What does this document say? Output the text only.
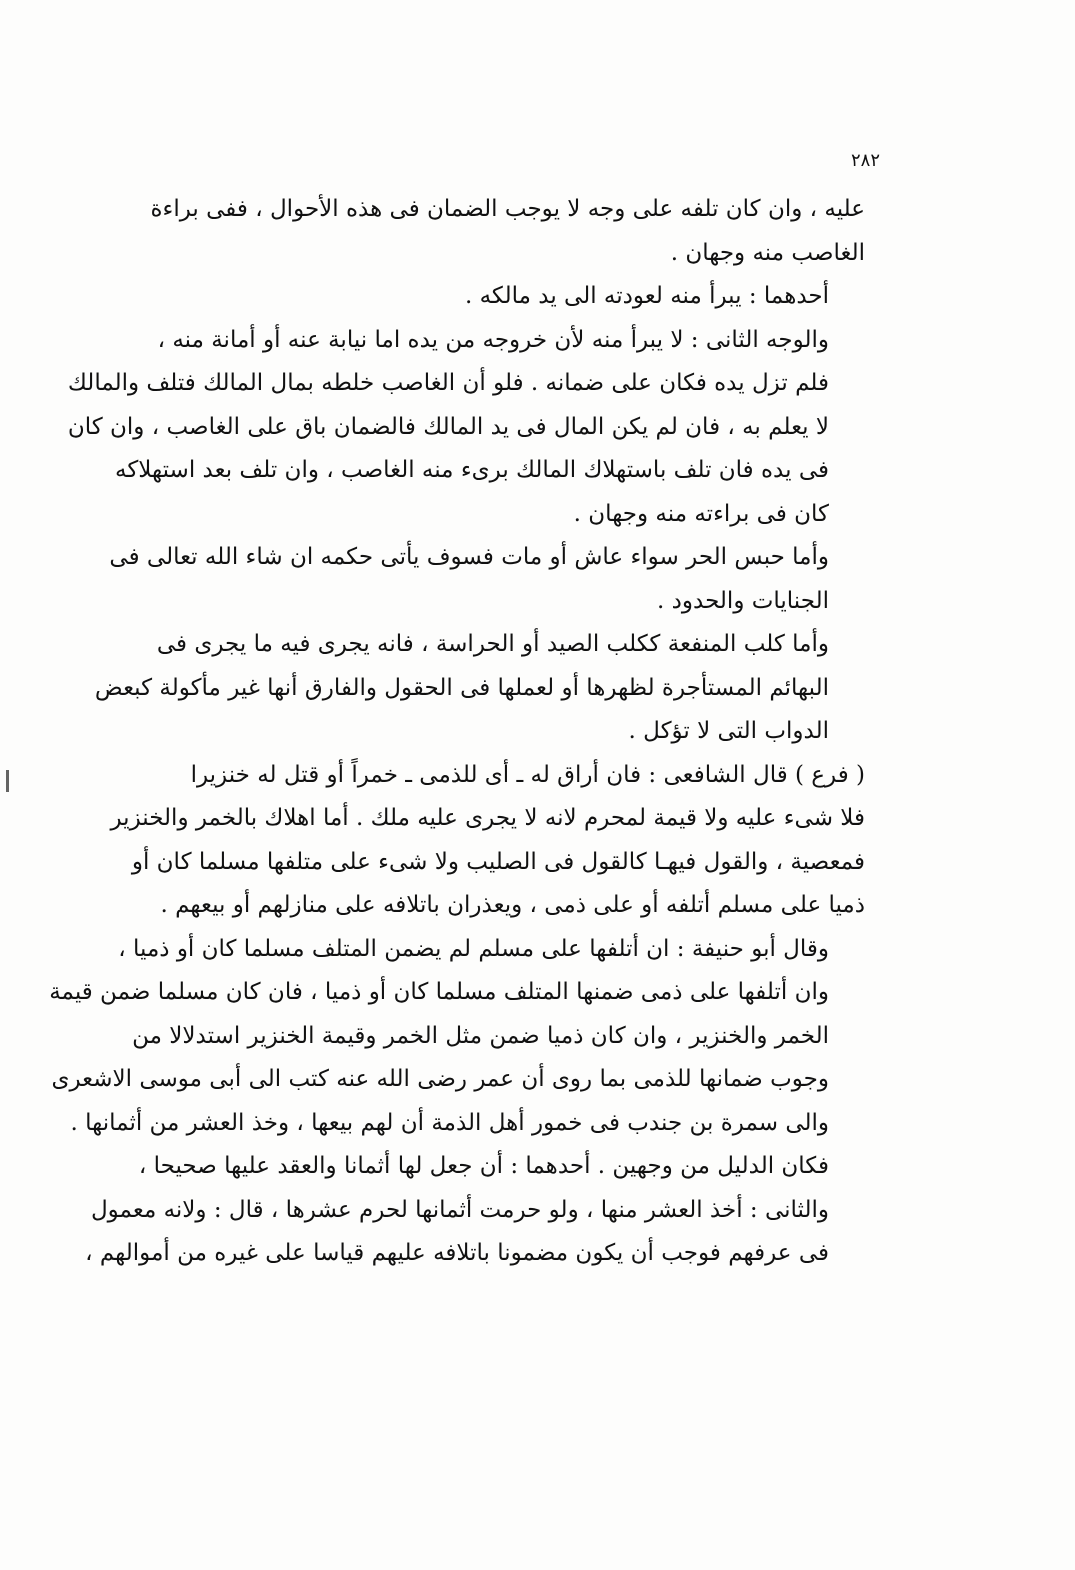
٢٨٢

عليه ، وان كان تلفه على وجه لا يوجب الضمان فى هذه الأحوال ، ففى براءة
الغاصب منه وجهان .

أحدهما : يبرأ منه لعودته الى يد مالكه .

والوجه الثانى : لا يبرأ منه لأن خروجه من يده اما نيابة عنه أو أمانة منه ،
فلم تزل يده فكان على ضمانه . فلو أن الغاصب خلطه بمال المالك فتلف والمالك
لا يعلم به ، فان لم يكن المال فى يد المالك فالضمان باق على الغاصب ، وان كان
فى يده فان تلف باستهلاك المالك برىء منه الغاصب ، وان تلف بعد استهلاكه
كان فى براءته منه وجهان .

وأما حبس الحر سواء عاش أو مات فسوف يأتى حكمه ان شاء الله تعالى فى
الجنايات والحدود .

وأما كلب المنفعة ككلب الصيد أو الحراسة ، فانه يجرى فيه ما يجرى فى
البهائم المستأجرة لظهرها أو لعملها فى الحقول والفارق أنها غير مأكولة كبعض
الدواب التى لا تؤكل .

( فرع ) قال الشافعى : فان أراق له ـ أى للذمى ـ خمراً أو قتل له خنزيرا
فلا شىء عليه ولا قيمة لمحرم لانه لا يجرى عليه ملك . أما اهلاك بالخمر والخنزير
فمعصية ، والقول فيهـا كالقول فى الصليب ولا شىء على متلفها مسلما كان أو
ذميا على مسلم أتلفه أو على ذمى ، ويعذران باتلافه على منازلهم أو بيعهم .

وقال أبو حنيفة : ان أتلفها على مسلم لم يضمن المتلف مسلما كان أو ذميا ،
وان أتلفها على ذمى ضمنها المتلف مسلما كان أو ذميا ، فان كان مسلما ضمن قيمة
الخمر والخنزير ، وان كان ذميا ضمن مثل الخمر وقيمة الخنزير استدلالا من
وجوب ضمانها للذمى بما روى أن عمر رضى الله عنه كتب الى أبى موسى الاشعرى
والى سمرة بن جندب فى خمور أهل الذمة أن لهم بيعها ، وخذ العشر من أثمانها .

فكان الدليل من وجهين . أحدهما : أن جعل لها أثمانا والعقد عليها صحيحا ،
والثانى : أخذ العشر منها ، ولو حرمت أثمانها لحرم عشرها ، قال : ولانه معمول
فى عرفهم فوجب أن يكون مضمونا باتلافه عليهم قياسا على غيره من أموالهم ،
